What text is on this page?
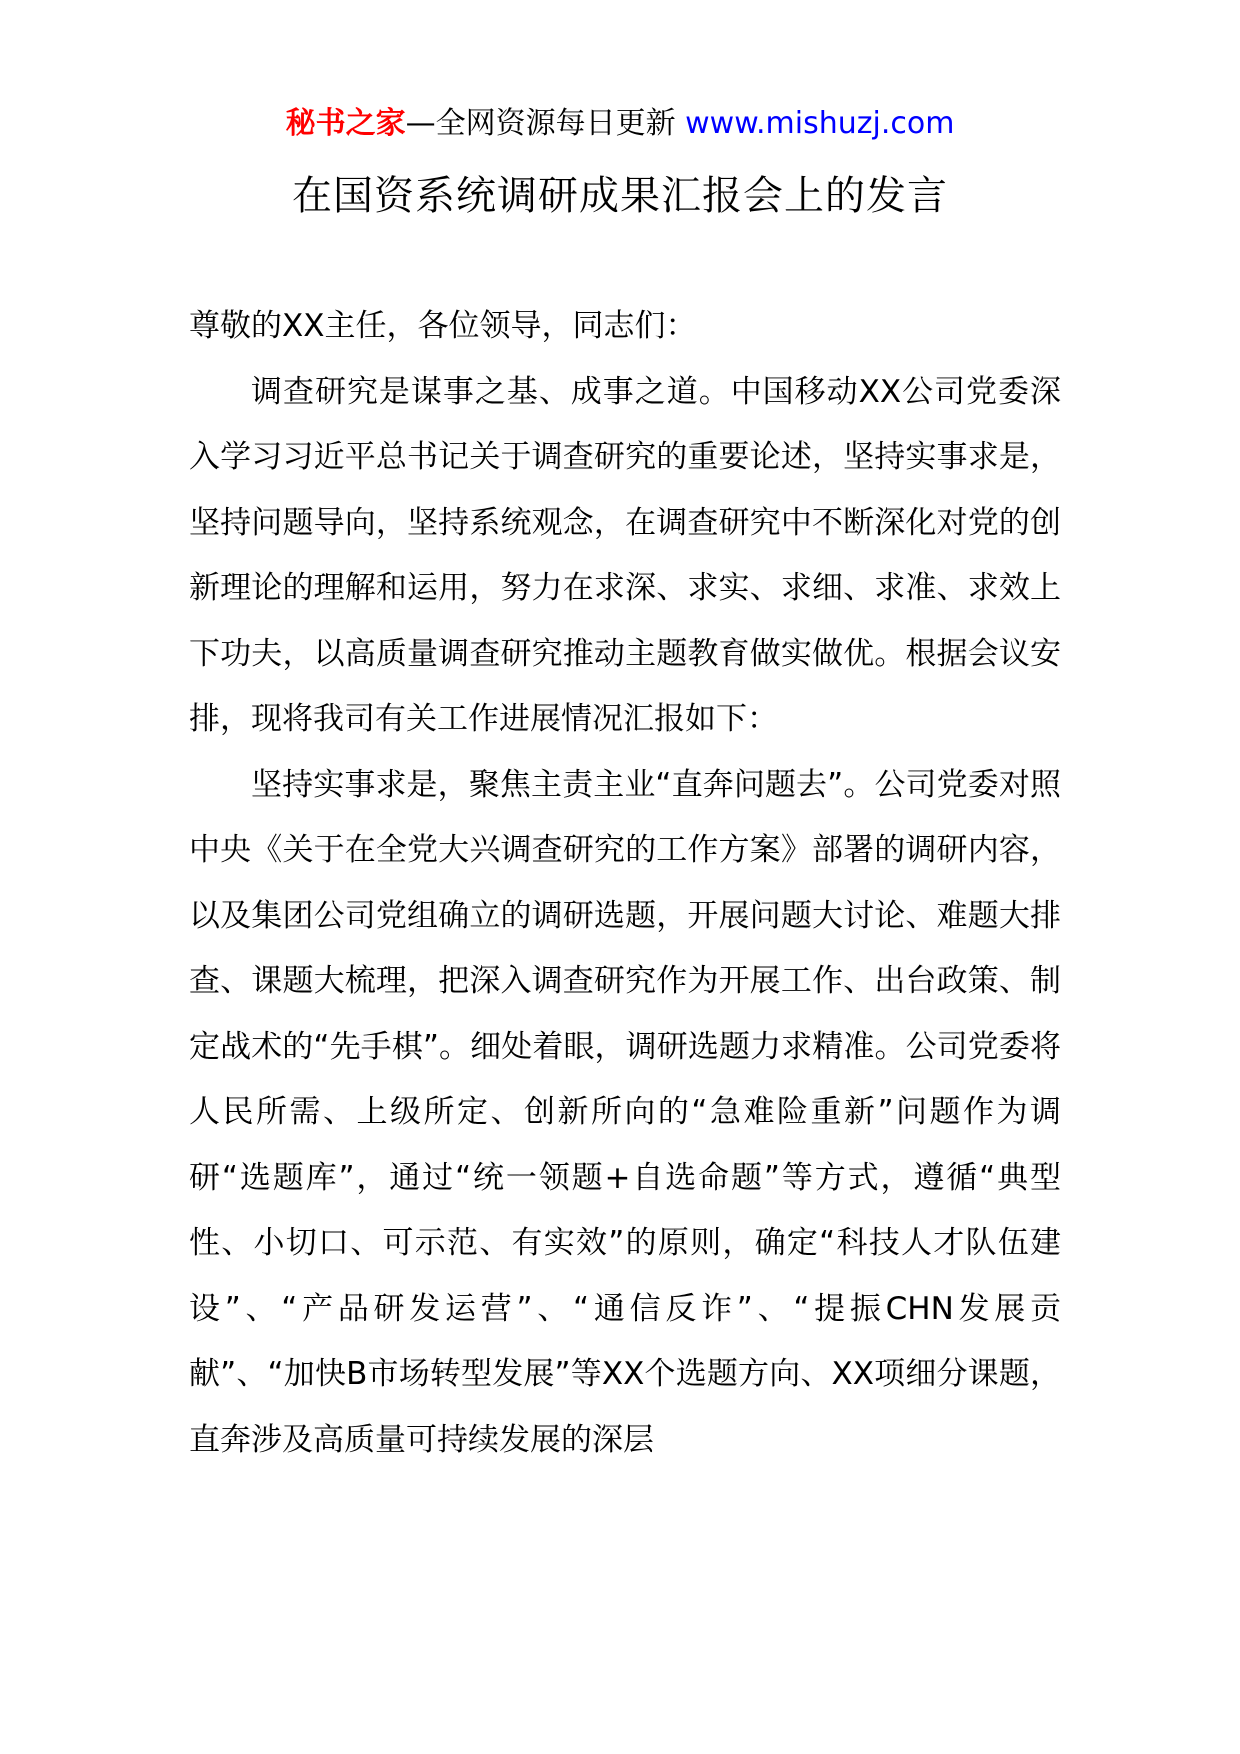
秘书之家—全网资源每日更新 www.mishuzj.com
在国资系统调研成果汇报会上的发言

尊敬的XX主任，各位领导，同志们：

调查研究是谋事之基、成事之道。中国移动XX公司党委深入学习习近平总书记关于调查研究的重要论述，坚持实事求是，坚持问题导向，坚持系统观念，在调查研究中不断深化对党的创新理论的理解和运用，努力在求深、求实、求细、求准、求效上下功夫，以高质量调查研究推动主题教育做实做优。根据会议安排，现将我司有关工作进展情况汇报如下：

坚持实事求是，聚焦主责主业“直奔问题去”。公司党委对照中央《关于在全党大兴调查研究的工作方案》部署的调研内容，以及集团公司党组确立的调研选题，开展问题大讨论、难题大排查、课题大梳理，把深入调查研究作为开展工作、出台政策、制定战术的“先手棋”。细处着眼，调研选题力求精准。公司党委将人民所需、上级所定、创新所向的“急难险重新”问题作为调研“选题库”，通过“统一领题+自选命题”等方式，遵循“典型性、小切口、可示范、有实效”的原则，确定“科技人才队伍建设”、“产品研发运营”、“通信反诈”、“提振CHN发展贡献”、“加快B市场转型发展”等XX个选题方向、XX项细分课题，直奔涉及高质量可持续发展的深层
